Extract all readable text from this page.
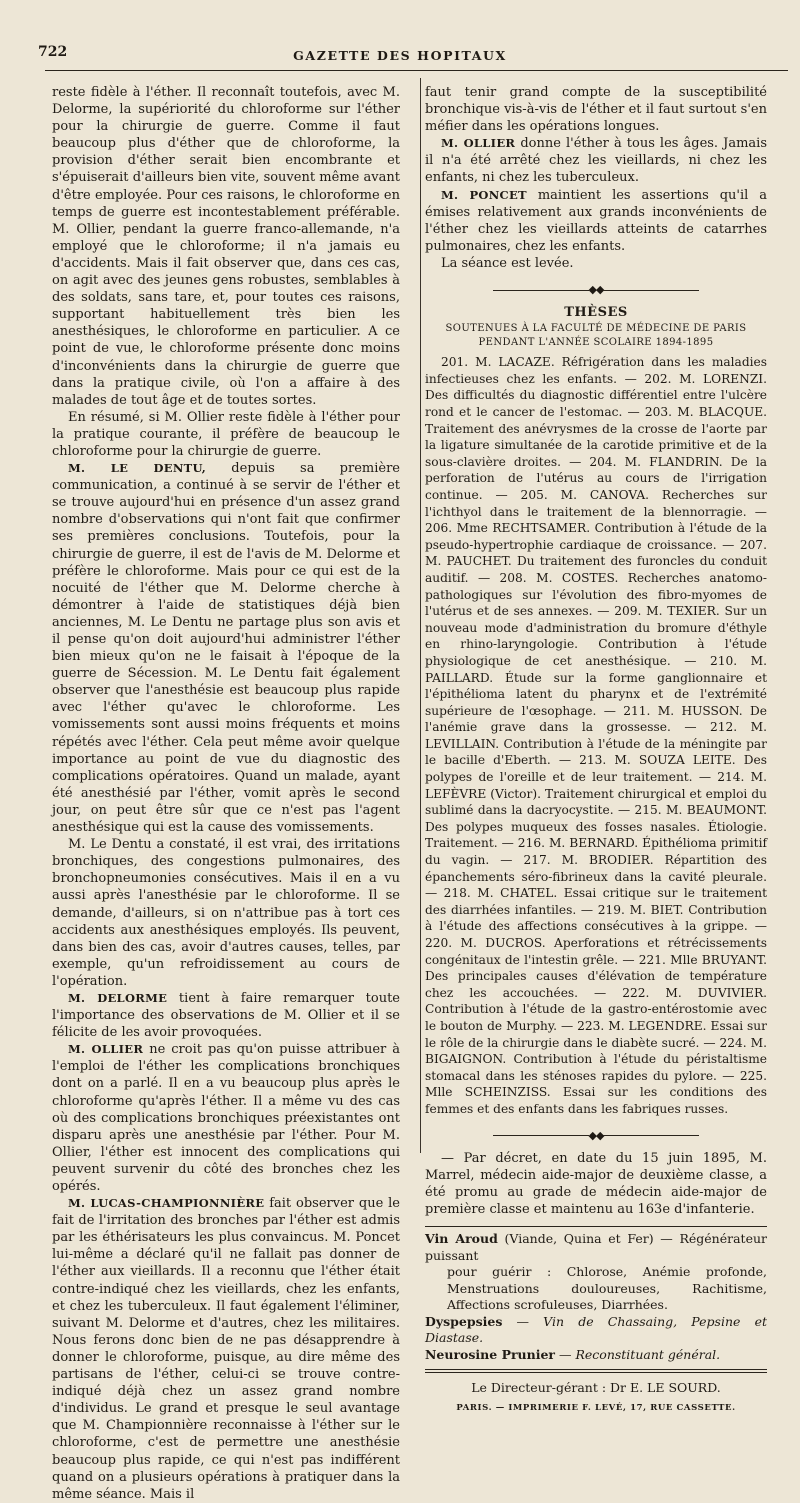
722	GAZETTE DES HOPITAUX

reste fidèle à l'éther. Il reconnaît toutefois, avec M. Delorme, la supériorité du chloroforme sur l'éther pour la chirurgie de guerre. Comme il faut beaucoup plus d'éther que de chloroforme, la provision d'éther serait bien encombrante et s'épuiserait d'ailleurs bien vite, souvent même avant d'être employée. Pour ces raisons, le chloroforme en temps de guerre est incontestablement préférable. M. Ollier, pendant la guerre franco-allemande, n'a employé que le chloroforme; il n'a jamais eu d'accidents. Mais il fait observer que, dans ces cas, on agit avec des jeunes gens robustes, semblables à des soldats, sans tare, et, pour toutes ces raisons, supportant habituellement très bien les anesthésiques, le chloroforme en particulier. A ce point de vue, le chloroforme présente donc moins d'inconvénients dans la chirurgie de guerre que dans la pratique civile, où l'on a affaire à des malades de tout âge et de toutes sortes.

En résumé, si M. Ollier reste fidèle à l'éther pour la pratique courante, il préfère de beaucoup le chloroforme pour la chirurgie de guerre.

M. LE DENTU, depuis sa première communication, a continué à se servir de l'éther et se trouve aujourd'hui en présence d'un assez grand nombre d'observations qui n'ont fait que confirmer ses premières conclusions. Toutefois, pour la chirurgie de guerre, il est de l'avis de M. Delorme et préfère le chloroforme. Mais pour ce qui est de la nocuité de l'éther que M. Delorme cherche à démontrer à l'aide de statistiques déjà bien anciennes, M. Le Dentu ne partage plus son avis et il pense qu'on doit aujourd'hui administrer l'éther bien mieux qu'on ne le faisait à l'époque de la guerre de Sécession. M. Le Dentu fait également observer que l'anesthésie est beaucoup plus rapide avec l'éther qu'avec le chloroforme. Les vomissements sont aussi moins fréquents et moins répétés avec l'éther. Cela peut même avoir quelque importance au point de vue du diagnostic des complications opératoires. Quand un malade, ayant été anesthésié par l'éther, vomit après le second jour, on peut être sûr que ce n'est pas l'agent anesthésique qui est la cause des vomissements.

M. Le Dentu a constaté, il est vrai, des irritations bronchiques, des congestions pulmonaires, des bronchopneumonies consécutives. Mais il en a vu aussi après l'anesthésie par le chloroforme. Il se demande, d'ailleurs, si on n'attribue pas à tort ces accidents aux anesthésiques employés. Ils peuvent, dans bien des cas, avoir d'autres causes, telles, par exemple, qu'un refroidissement au cours de l'opération.

M. DELORME tient à faire remarquer toute l'importance des observations de M. Ollier et il se félicite de les avoir provoquées.

M. OLLIER ne croit pas qu'on puisse attribuer à l'emploi de l'éther les complications bronchiques dont on a parlé. Il en a vu beaucoup plus après le chloroforme qu'après l'éther. Il a même vu des cas où des complications bronchiques préexistantes ont disparu après une anesthésie par l'éther. Pour M. Ollier, l'éther est innocent des complications qui peuvent survenir du côté des bronches chez les opérés.

M. LUCAS-CHAMPIONNIÈRE fait observer que le fait de l'irritation des bronches par l'éther est admis par les éthérisateurs les plus convaincus. M. Poncet lui-même a déclaré qu'il ne fallait pas donner de l'éther aux vieillards. Il a reconnu que l'éther était contre-indiqué chez les vieillards, chez les enfants, et chez les tuberculeux. Il faut également l'éliminer, suivant M. Delorme et d'autres, chez les militaires. Nous ferons donc bien de ne pas désapprendre à donner le chloroforme, puisque, au dire même des partisans de l'éther, celui-ci se trouve contre-indiqué déjà chez un assez grand nombre d'individus. Le grand et presque le seul avantage que M. Championnière reconnaisse à l'éther sur le chloroforme, c'est de permettre une anesthésie beaucoup plus rapide, ce qui n'est pas indifférent quand on a plusieurs opérations à pratiquer dans la même séance. Mais il

faut tenir grand compte de la susceptibilité bronchique vis-à-vis de l'éther et il faut surtout s'en méfier dans les opérations longues.

M. OLLIER donne l'éther à tous les âges. Jamais il n'a été arrêté chez les vieillards, ni chez les enfants, ni chez les tuberculeux.

M. PONCET maintient les assertions qu'il a émises relativement aux grands inconvénients de l'éther chez les vieillards atteints de catarrhes pulmonaires, chez les enfants.

La séance est levée.

◆◆
THÈSES
SOUTENUES À LA FACULTÉ DE MÉDECINE DE PARIS
PENDANT L'ANNÉE SCOLAIRE 1894-1895

201. M. LACAZE. Réfrigération dans les maladies infectieuses chez les enfants. — 202. M. LORENZI. Des difficultés du diagnostic différentiel entre l'ulcère rond et le cancer de l'estomac. — 203. M. BLACQUE. Traitement des anévrysmes de la crosse de l'aorte par la ligature simultanée de la carotide primitive et de la sous-clavière droites. — 204. M. FLANDRIN. De la perforation de l'utérus au cours de l'irrigation continue. — 205. M. CANOVA. Recherches sur l'ichthyol dans le traitement de la blennorragie. — 206. Mme RECHTSAMER. Contribution à l'étude de la pseudo-hypertrophie cardiaque de croissance. — 207. M. PAUCHET. Du traitement des furoncles du conduit auditif. — 208. M. COSTES. Recherches anatomo-pathologiques sur l'évolution des fibro-myomes de l'utérus et de ses annexes. — 209. M. TEXIER. Sur un nouveau mode d'administration du bromure d'éthyle en rhino-laryngologie. Contribution à l'étude physiologique de cet anesthésique. — 210. M. PAILLARD. Étude sur la forme ganglionnaire et l'épithélioma latent du pharynx et de l'extrémité supérieure de l'œsophage. — 211. M. HUSSON. De l'anémie grave dans la grossesse. — 212. M. LEVILLAIN. Contribution à l'étude de la méningite par le bacille d'Eberth. — 213. M. SOUZA LEITE. Des polypes de l'oreille et de leur traitement. — 214. M. LEFÈVRE (Victor). Traitement chirurgical et emploi du sublimé dans la dacryocystite. — 215. M. BEAUMONT. Des polypes muqueux des fosses nasales. Étiologie. Traitement. — 216. M. BERNARD. Épithélioma primitif du vagin. — 217. M. BRODIER. Répartition des épanchements séro-fibrineux dans la cavité pleurale. — 218. M. CHATEL. Essai critique sur le traitement des diarrhées infantiles. — 219. M. BIET. Contribution à l'étude des affections consécutives à la grippe. — 220. M. DUCROS. Aperforations et rétrécissements congénitaux de l'intestin grêle. — 221. Mlle BRUYANT. Des principales causes d'élévation de température chez les accouchées. — 222. M. DUVIVIER. Contribution à l'étude de la gastro-entérostomie avec le bouton de Murphy. — 223. M. LEGENDRE. Essai sur le rôle de la chirurgie dans le diabète sucré. — 224. M. BIGAIGNON. Contribution à l'étude du péristaltisme stomacal dans les sténoses rapides du pylore. — 225. Mlle SCHEINZISS. Essai sur les conditions des femmes et des enfants dans les fabriques russes.

◆◆

— Par décret, en date du 15 juin 1895, M. Marrel, médecin aide-major de deuxième classe, a été promu au grade de médecin aide-major de première classe et maintenu au 163e d'infanterie.

Vin Aroud (Viande, Quina et Fer) — Régénérateur puissant

pour guérir : Chlorose, Anémie profonde, Menstruations douloureuses, Rachitisme, Affections scrofuleuses, Diarrhées.

Dyspepsies — Vin de Chassaing, Pepsine et Diastase.

Neurosine Prunier — Reconstituant général.

Le Directeur-gérant : Dr E. LE SOURD.
PARIS. — IMPRIMERIE F. LEVÉ, 17, RUE CASSETTE.
